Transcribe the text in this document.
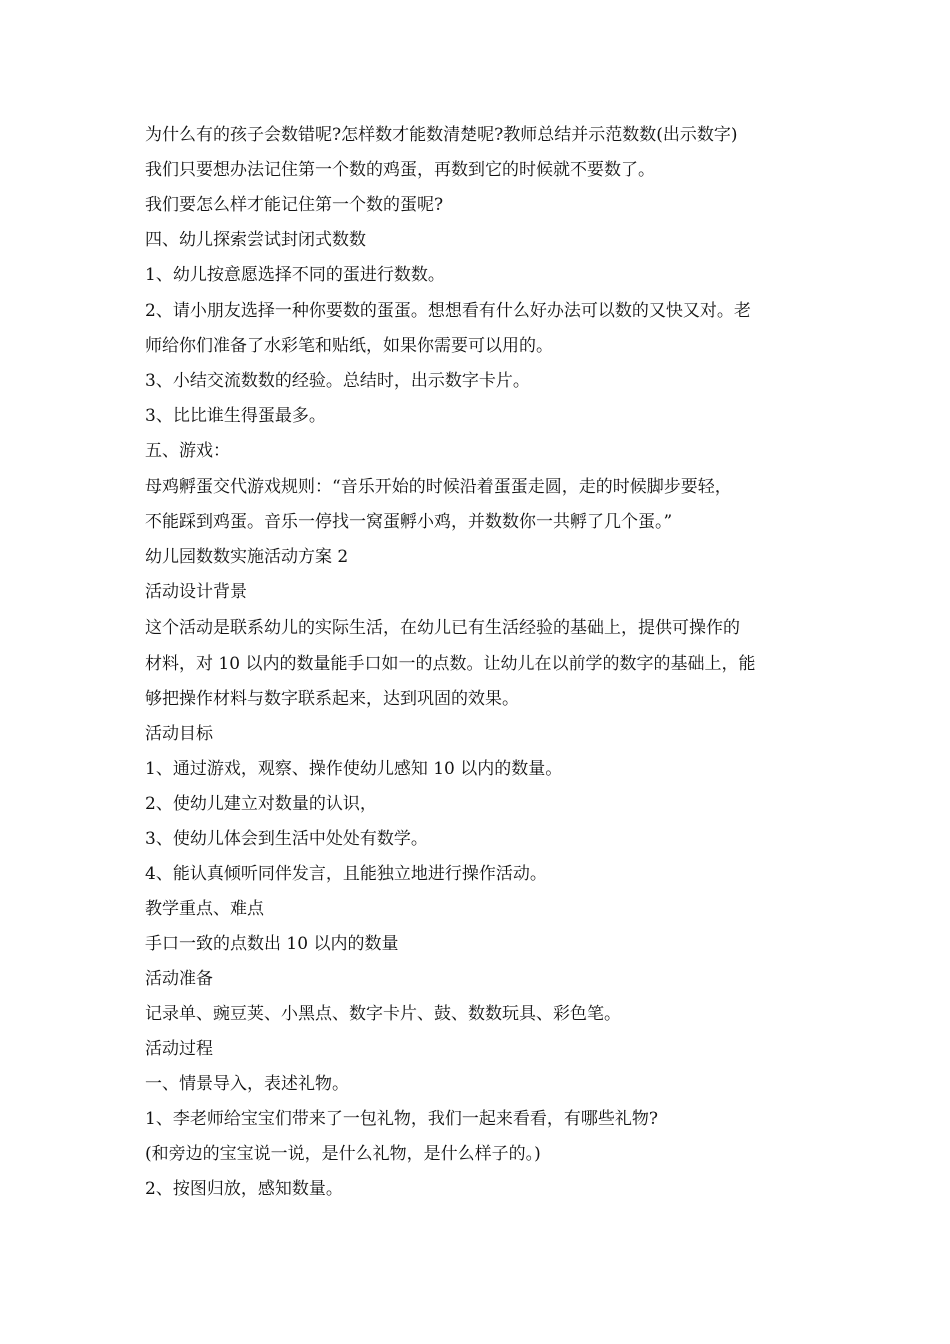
为什么有的孩子会数错呢?怎样数才能数清楚呢?教师总结并示范数数(出示数字)
我们只要想办法记住第一个数的鸡蛋，再数到它的时候就不要数了。
我们要怎么样才能记住第一个数的蛋呢?
四、幼儿探索尝试封闭式数数
1、幼儿按意愿选择不同的蛋进行数数。
2、请小朋友选择一种你要数的蛋蛋。想想看有什么好办法可以数的又快又对。老
师给你们准备了水彩笔和贴纸，如果你需要可以用的。
3、小结交流数数的经验。总结时，出示数字卡片。
3、比比谁生得蛋最多。
五、游戏：
母鸡孵蛋交代游戏规则：“音乐开始的时候沿着蛋蛋走圆，走的时候脚步要轻，
不能踩到鸡蛋。音乐一停找一窝蛋孵小鸡，并数数你一共孵了几个蛋。”
幼儿园数数实施活动方案 2
活动设计背景
这个活动是联系幼儿的实际生活，在幼儿已有生活经验的基础上，提供可操作的
材料，对 10 以内的数量能手口如一的点数。让幼儿在以前学的数字的基础上，能
够把操作材料与数字联系起来，达到巩固的效果。
活动目标
1、通过游戏，观察、操作使幼儿感知 10 以内的数量。
2、使幼儿建立对数量的认识，
3、使幼儿体会到生活中处处有数学。
4、能认真倾听同伴发言，且能独立地进行操作活动。
教学重点、难点
手口一致的点数出 10 以内的数量
活动准备
记录单、豌豆荚、小黑点、数字卡片、鼓、数数玩具、彩色笔。
活动过程
一、情景导入，表述礼物。
1、李老师给宝宝们带来了一包礼物，我们一起来看看，有哪些礼物?
(和旁边的宝宝说一说，是什么礼物，是什么样子的。)
2、按图归放，感知数量。
